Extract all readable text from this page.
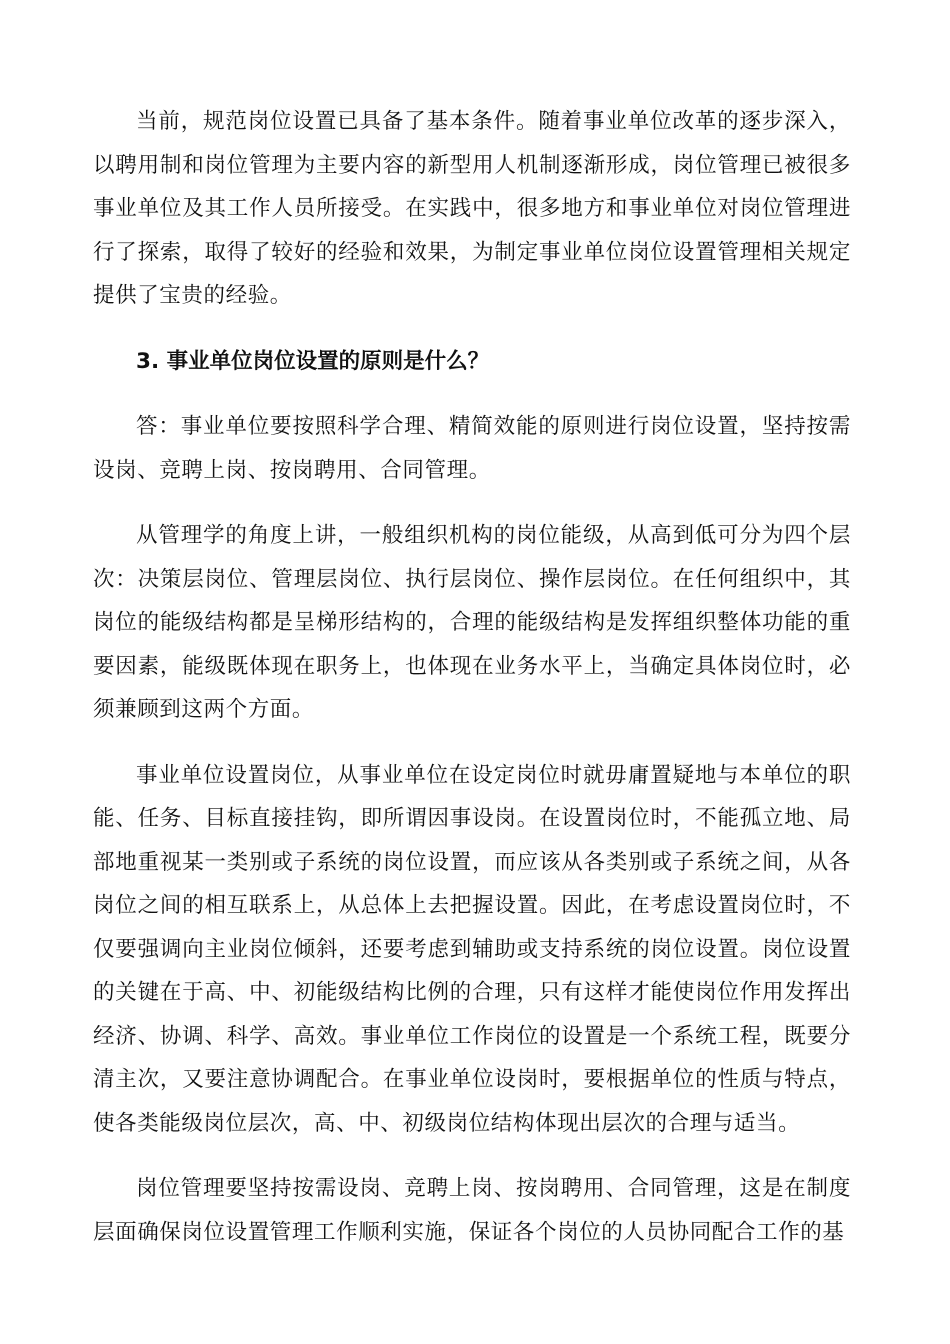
当前，规范岗位设置已具备了基本条件。随着事业单位改革的逐步深入，以聘用制和岗位管理为主要内容的新型用人机制逐渐形成，岗位管理已被很多事业单位及其工作人员所接受。在实践中，很多地方和事业单位对岗位管理进行了探索，取得了较好的经验和效果，为制定事业单位岗位设置管理相关规定提供了宝贵的经验。

3. 事业单位岗位设置的原则是什么？

答：事业单位要按照科学合理、精简效能的原则进行岗位设置，坚持按需设岗、竞聘上岗、按岗聘用、合同管理。

从管理学的角度上讲，一般组织机构的岗位能级，从高到低可分为四个层次：决策层岗位、管理层岗位、执行层岗位、操作层岗位。在任何组织中，其岗位的能级结构都是呈梯形结构的，合理的能级结构是发挥组织整体功能的重要因素，能级既体现在职务上，也体现在业务水平上，当确定具体岗位时，必须兼顾到这两个方面。

事业单位设置岗位，从事业单位在设定岗位时就毋庸置疑地与本单位的职能、任务、目标直接挂钩，即所谓因事设岗。在设置岗位时，不能孤立地、局部地重视某一类别或子系统的岗位设置，而应该从各类别或子系统之间，从各岗位之间的相互联系上，从总体上去把握设置。因此，在考虑设置岗位时，不仅要强调向主业岗位倾斜，还要考虑到辅助或支持系统的岗位设置。岗位设置的关键在于高、中、初能级结构比例的合理，只有这样才能使岗位作用发挥出经济、协调、科学、高效。事业单位工作岗位的设置是一个系统工程，既要分清主次，又要注意协调配合。在事业单位设岗时，要根据单位的性质与特点，使各类能级岗位层次，高、中、初级岗位结构体现出层次的合理与适当。

岗位管理要坚持按需设岗、竞聘上岗、按岗聘用、合同管理，这是在制度层面确保岗位设置管理工作顺利实施，保证各个岗位的人员协同配合工作的基
